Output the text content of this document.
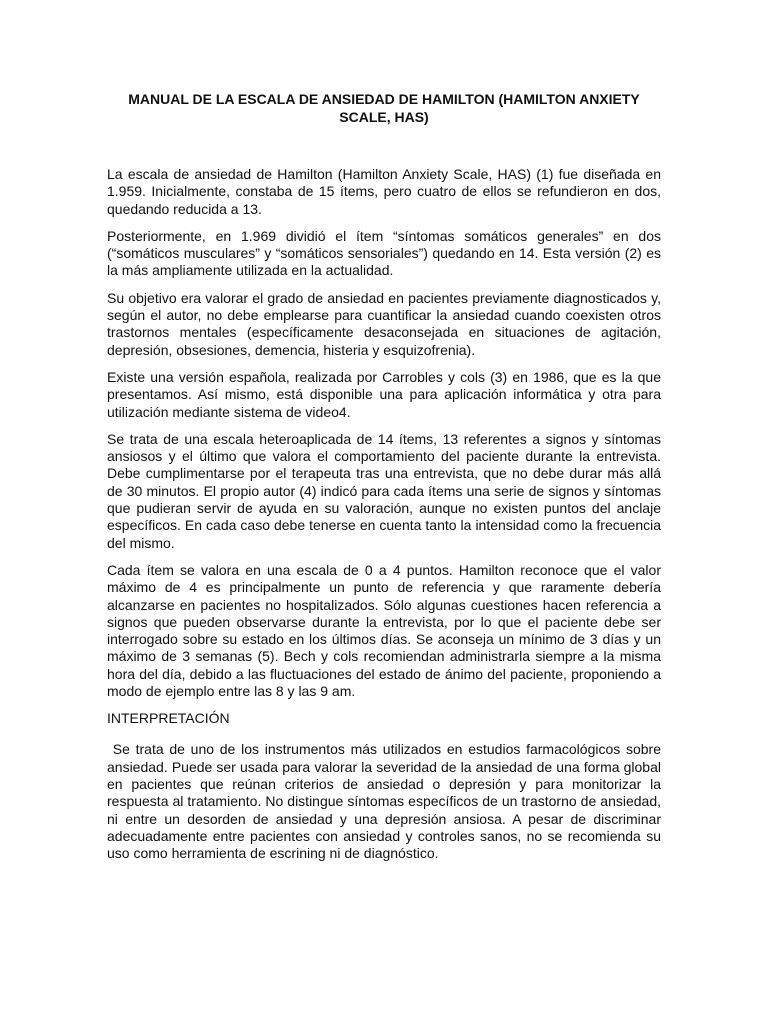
MANUAL DE LA ESCALA DE ANSIEDAD DE HAMILTON (HAMILTON ANXIETY SCALE, HAS)

La escala de ansiedad de Hamilton (Hamilton Anxiety Scale, HAS) (1) fue diseñada en 1.959. Inicialmente, constaba de 15 ítems, pero cuatro de ellos se refundieron en dos, quedando reducida a 13.

Posteriormente, en 1.969 dividió el ítem “síntomas somáticos generales” en dos (“somáticos musculares” y “somáticos sensoriales”) quedando en 14. Esta versión (2) es la más ampliamente utilizada en la actualidad.

Su objetivo era valorar el grado de ansiedad en pacientes previamente diagnosticados y, según el autor, no debe emplearse para cuantificar la ansiedad cuando coexisten otros trastornos mentales (específicamente desaconsejada en situaciones de agitación, depresión, obsesiones, demencia, histeria y esquizofrenia).

Existe una versión española, realizada por Carrobles y cols (3) en 1986, que es la que presentamos. Así mismo, está disponible una para aplicación informática y otra para utilización mediante sistema de video4.

Se trata de una escala heteroaplicada de 14 ítems, 13 referentes a signos y síntomas ansiosos y el último que valora el comportamiento del paciente durante la entrevista. Debe cumplimentarse por el terapeuta tras una entrevista, que no debe durar más allá de 30 minutos. El propio autor (4) indicó para cada ítems una serie de signos y síntomas que pudieran servir de ayuda en su valoración, aunque no existen puntos del anclaje específicos. En cada caso debe tenerse en cuenta tanto la intensidad como la frecuencia del mismo.

Cada ítem se valora en una escala de 0 a 4 puntos. Hamilton reconoce que el valor máximo de 4 es principalmente un punto de referencia y que raramente debería alcanzarse en pacientes no hospitalizados. Sólo algunas cuestiones hacen referencia a signos que pueden observarse durante la entrevista, por lo que el paciente debe ser interrogado sobre su estado en los últimos días. Se aconseja un mínimo de 3 días y un máximo de 3 semanas (5). Bech y cols recomiendan administrarla siempre a la misma hora del día, debido a las fluctuaciones del estado de ánimo del paciente, proponiendo a modo de ejemplo entre las 8 y las 9 am.

INTERPRETACIÓN

Se trata de uno de los instrumentos más utilizados en estudios farmacológicos sobre ansiedad. Puede ser usada para valorar la severidad de la ansiedad de una forma global en pacientes que reúnan criterios de ansiedad o depresión y para monitorizar la respuesta al tratamiento. No distingue síntomas específicos de un trastorno de ansiedad, ni entre un desorden de ansiedad y una depresión ansiosa. A pesar de discriminar adecuadamente entre pacientes con ansiedad y controles sanos, no se recomienda su uso como herramienta de escrining ni de diagnóstico.
